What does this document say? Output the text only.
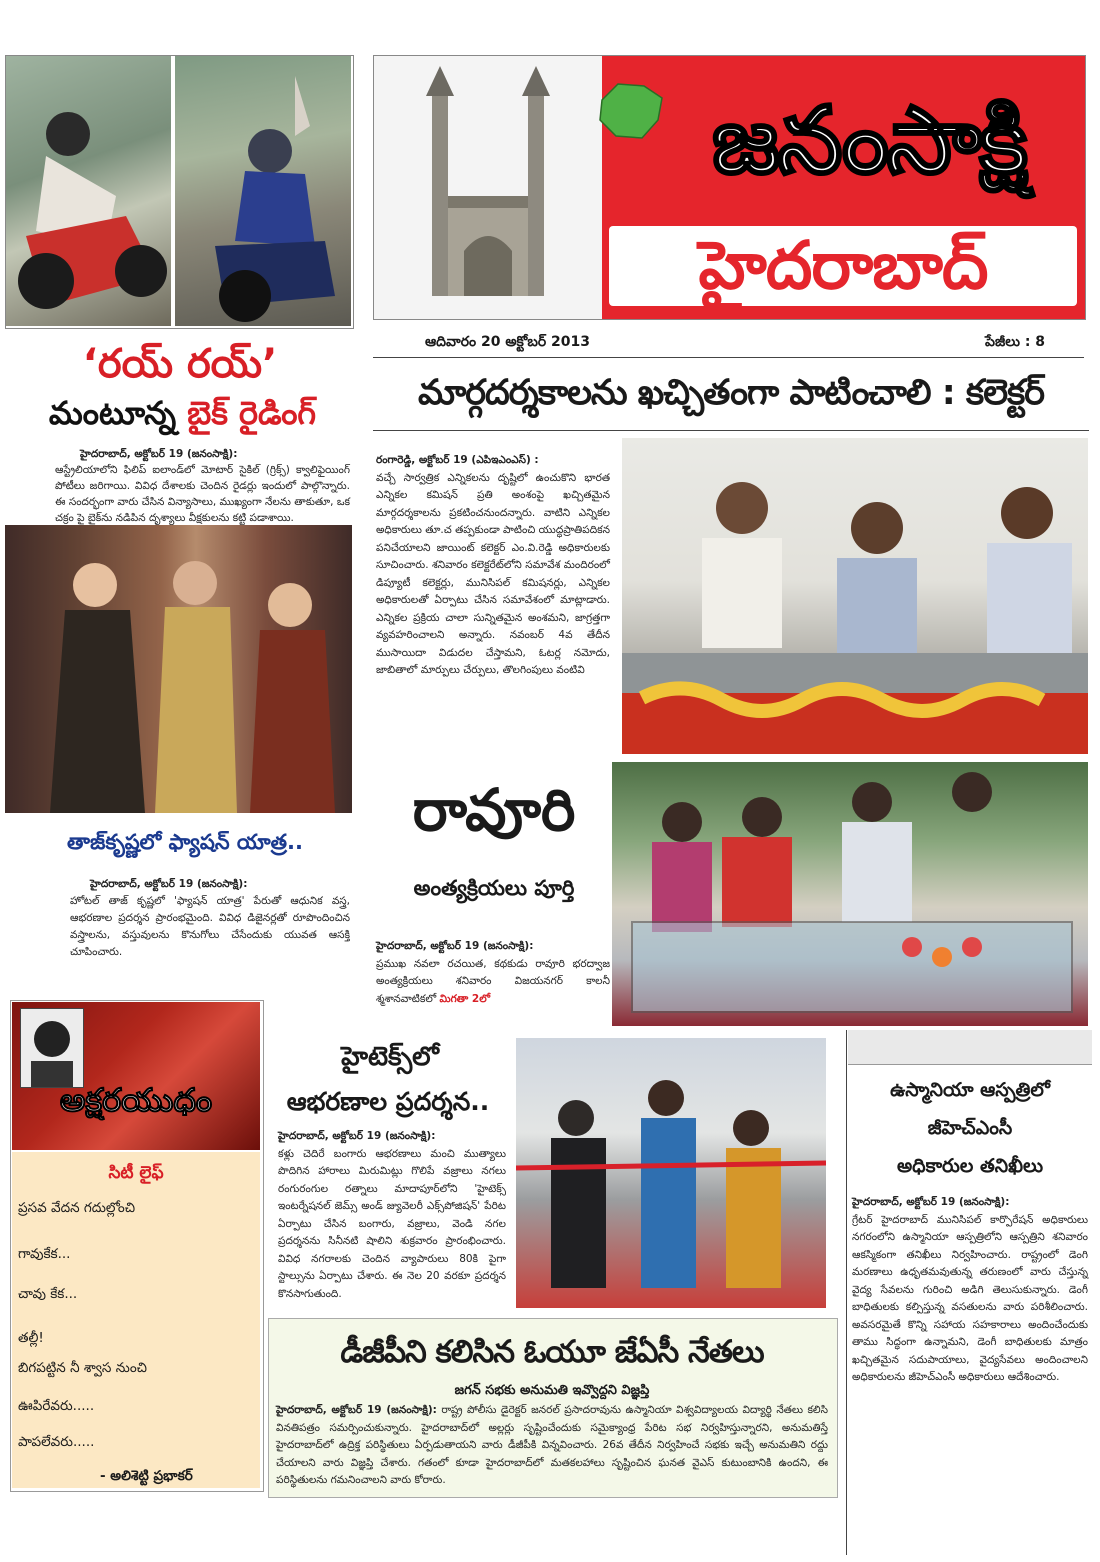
‘రయ్ రయ్’
మంటూన్న బైక్ రైడింగ్

హైదరాబాద్, అక్టోబర్ 19 (జనంసాక్షి):
ఆస్ట్రేలియాలోని ఫిలిప్ ఐలాండ్‌లో మోటార్ సైకిల్ (గ్రిక్స్) క్వాలిఫైయింగ్ పోటీలు జరిగాయి. వివిధ దేశాలకు చెందిన రైడర్లు ఇందులో పాల్గొన్నారు. ఈ సందర్భంగా వారు చేసిన విన్యాసాలు, ముఖ్యంగా నేలను తాకుతూ, ఒక చక్రం పై బైక్‌ను నడిపిన దృశ్యాలు వీక్షకులను కట్టి పడాశాయి.

తాజ్‌కృష్ణలో ఫ్యాషన్ యాత్ర..

హైదరాబాద్, అక్టోబర్ 19 (జనంసాక్షి):
హోటల్ తాజ్ కృష్ణలో 'ఫ్యాషన్ యాత్ర' పేరుతో ఆధునిక వస్త్ర, ఆభరణాల ప్రదర్శన ప్రారంభమైంది. వివిధ డిజైనర్లతో రూపొందించిన వస్త్రాలను, వస్తువులను కొనుగోలు చేసేందుకు యువత ఆసక్తి చూపించారు.

అక్షరయుధం
సిటీ లైఫ్
ప్రసవ వేదన గదుల్లోంచి
గావుకేక...
చావు కేక...
తల్లీ!
బిగపట్టిన నీ శ్వాస నుంచి
ఊపిరేవరు.....
పాపలేవరు.....
- అలిశెట్టి ప్రభాకర్
జనంసాక్షి
హైదరాబాద్
ఆదివారం 20 అక్టోబర్ 2013	పేజీలు : 8
మార్గదర్శకాలను ఖచ్చితంగా పాటించాలి : కలెక్టర్

రంగారెడ్డి, అక్టోబర్ 19 (ఎపిఇఎంఎస్) :
వచ్చే సార్వత్రిక ఎన్నికలను దృష్టిలో ఉంచుకొని భారత ఎన్నికల కమిషన్ ప్రతి అంశంపై ఖచ్చితమైన మార్గదర్శకాలను ప్రకటించనుందన్నారు. వాటిని ఎన్నికల అధికారులు తూ.చ తప్పకుండా పాటించి యుద్ధప్రాతిపదికన పనిచేయాలని జాయింట్ కలెక్టర్ ఎం.వి.రెడ్డి అధికారులకు సూచించారు. శనివారం కలెక్టరేట్‌లోని సమావేశ మందిరంలో డిప్యూటీ కలెక్టర్లు, మునిసిపల్ కమిషనర్లు, ఎన్నికల అధికారులతో ఏర్పాటు చేసిన సమావేశంలో మాట్లాడారు. ఎన్నికల ప్రక్రియ చాలా సున్నితమైన అంశమని, జాగ్రత్తగా వ్యవహరించాలని అన్నారు. నవంబర్ 4వ తేదీన ముసాయిదా విడుదల చేస్తామని, ఓటర్ల నమోదు, జాబితాలో మార్పులు చేర్పులు, తొలగింపులు వంటివి

రావూరి
అంత్యక్రియలు పూర్తి

హైదరాబాద్, అక్టోబర్ 19 (జనంసాక్షి):
ప్రముఖ నవలా రచయిత, కథకుడు రావూరి భరద్వాజ అంత్యక్రియలు శనివారం విజయనగర్ కాలనీ శ్మశానవాటికలో మిగతా 2లో

హైటెక్స్‌లో
ఆభరణాల ప్రదర్శన..

హైదరాబాద్, అక్టోబర్ 19 (జనంసాక్షి):
కళ్లు చెదిరే బంగారు ఆభరణాలు మంచి ముత్యాలు పొదిగిన హారాలు మిరుమిట్లు గొలిపే వజ్రాలు నగలు రంగురంగుల రత్నాలు మాదాపూర్‌లోని 'హైటెక్స్ ఇంటర్నేషనల్ జెమ్స్ అండ్ జ్యువెలరీ ఎక్స్‌పోజిషన్' పేరిట ఏర్పాటు చేసిన బంగారు, వజ్రాలు, వెండి నగల ప్రదర్శనను సినీనటి షాలిని శుక్రవారం ప్రారంభించారు. వివిధ నగరాలకు చెందిన వ్యాపారులు 80కి పైగా స్టాల్సును ఏర్పాటు చేశారు. ఈ నెల 20 వరకూ ప్రదర్శన కొనసాగుతుంది.

డీజీపీని కలిసిన ఓయూ జేఏసీ నేతలు
జగన్ సభకు అనుమతి ఇవ్వొద్దని విజ్ఞప్తి

హైదరాబాద్, అక్టోబర్ 19 (జనంసాక్షి): రాష్ట్ర పోలీసు డైరెక్టర్ జనరల్ ప్రసాదరావును ఉస్మానియా విశ్వవిద్యాలయ విద్యార్థి నేతలు కలిసి వినతిపత్రం సమర్పించుకున్నారు. హైదరాబాద్‌లో అల్లర్లు సృష్టించేందుకు సమైక్యాంధ్ర పేరిట సభ నిర్వహిస్తున్నారని, అనుమతిస్తే హైదరాబాద్‌లో ఉద్రిక్త పరిస్థితులు ఏర్పడుతాయని వారు డీజీపీకి విన్నవించారు. 26వ తేదీన నిర్వహించే సభకు ఇచ్చే అనుమతిని రద్దు చేయాలని వారు విజ్ఞప్తి చేశారు. గతంలో కూడా హైదరాబాద్‌లో మతకలహాలు సృష్టించిన ఘనత వైఎస్ కుటుంబానికి ఉందని, ఈ పరిస్థితులను గమనించాలని వారు కోరారు.

ఉస్మానియా ఆస్పత్రిలో
జీహెచ్ఎంసీ
అధికారుల తనిఖీలు

హైదరాబాద్, అక్టోబర్ 19 (జనంసాక్షి):
గ్రేటర్ హైదరాబాద్ మునిసిపల్ కార్పొరేషన్ అధికారులు నగరంలోని ఉస్మానియా ఆస్పత్రిలోని ఆస్పత్రిని శనివారం ఆకస్మికంగా తనిఖీలు నిర్వహించారు. రాష్ట్రంలో డెంగి మరణాలు ఉధృతమవుతున్న తరుణంలో వారు చేస్తున్న వైద్య సేవలను గురించి అడిగి తెలుసుకున్నారు. డెంగీ బాధితులకు కల్పిస్తున్న వసతులను వారు పరిశీలించారు. అవసరమైతే కొన్ని సహాయ సహకారాలు అందించేందుకు తాము సిద్ధంగా ఉన్నామని, డెంగీ బాధితులకు మాత్రం ఖచ్చితమైన సదుపాయాలు, వైద్యసేవలు అందించాలని అధికారులను జీహెచ్ఎంసీ అధికారులు ఆదేశించారు.
